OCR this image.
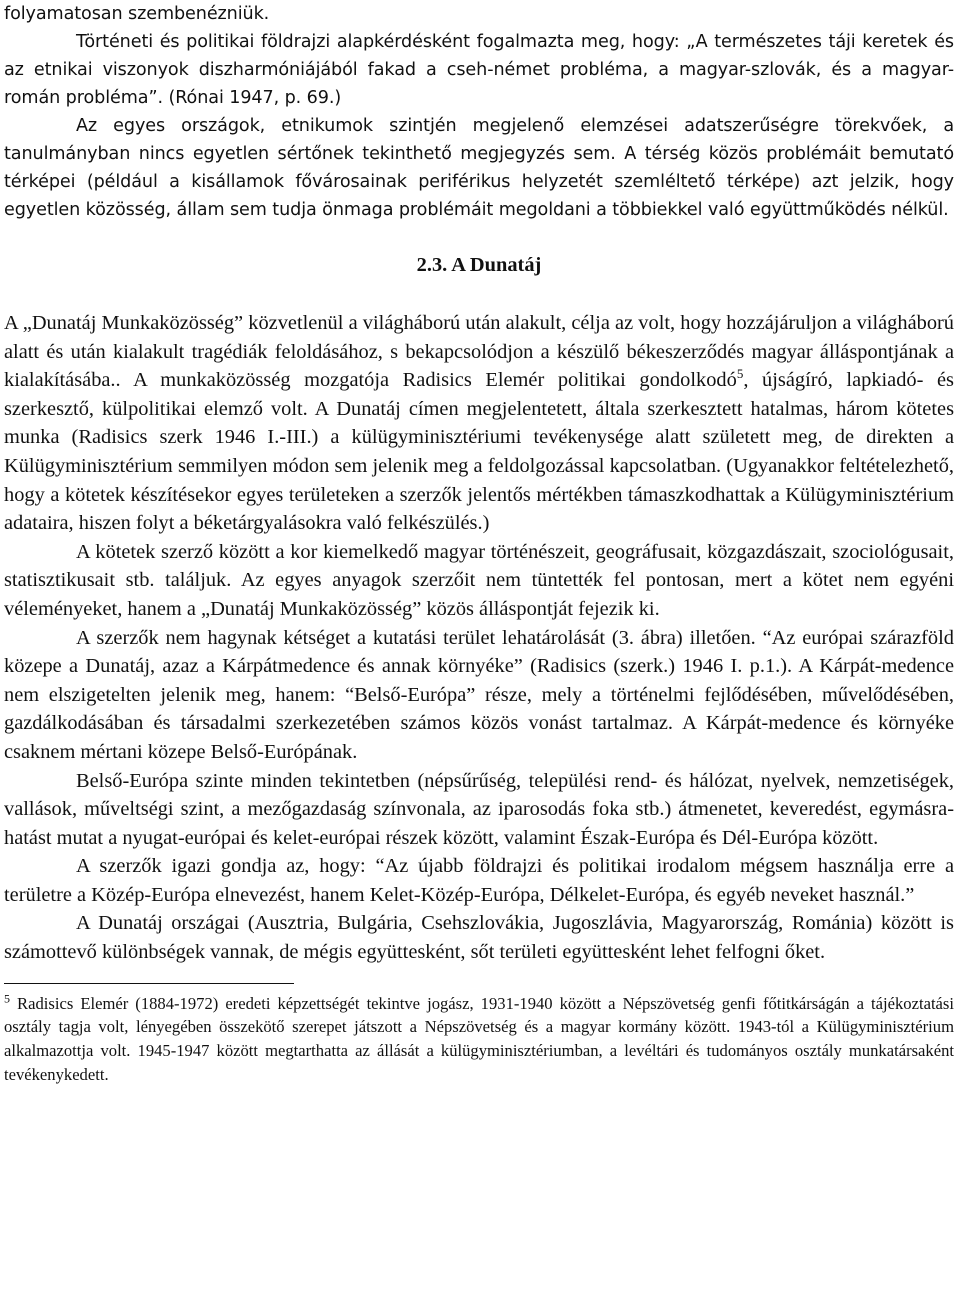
folyamatosan szembenézniük.

Történeti és politikai földrajzi alapkérdésként fogalmazta meg, hogy: „A természetes táji keretek és az etnikai viszonyok diszharmóniájából fakad a cseh-német probléma, a magyar-szlovák, és a magyar-román probléma”. (Rónai 1947, p. 69.)

Az egyes országok, etnikumok szintjén megjelenő elemzései adatszerűségre törekvőek, a tanulmányban nincs egyetlen sértőnek tekinthető megjegyzés sem. A térség közös problémáit bemutató térképei (például a kisállamok fővárosainak periférikus helyzetét szemléltető térképe) azt jelzik, hogy egyetlen közösség, állam sem tudja önmaga problémáit megoldani a többiekkel való együttműködés nélkül.

2.3. A Dunatáj

A „Dunatáj Munkaközösség” közvetlenül a világháború után alakult, célja az volt, hogy hozzájáruljon a világháború alatt és után kialakult tragédiák feloldásához, s bekapcsolódjon a készülő békeszerződés magyar álláspontjának a kialakításába.. A munkaközösség mozgatója Radisics Elemér politikai gondolkodó$^5$, újságíró, lapkiadó- és szerkesztő, külpolitikai elemző volt. A Dunatáj címen megjelentetett, általa szerkesztett hatalmas, három kötetes munka (Radisics szerk 1946 I.-III.) a külügyminisztériumi tevékenysége alatt született meg, de direkten a Külügyminisztérium semmilyen módon sem jelenik meg a feldolgozással kapcsolatban. (Ugyanakkor feltételezhető, hogy a kötetek készítésekor egyes területeken a szerzők jelentős mértékben támaszkodhattak a Külügyminisztérium adataira, hiszen folyt a béketárgyalásokra való felkészülés.)

A kötetek szerző között a kor kiemelkedő magyar történészeit, geográfusait, közgazdászait, szociológusait, statisztikusait stb. találjuk. Az egyes anyagok szerzőit nem tüntették fel pontosan, mert a kötet nem egyéni véleményeket, hanem a „Dunatáj Munkaközösség” közös álláspontját fejezik ki.

A szerzők nem hagynak kétséget a kutatási terület lehatárolását (3. ábra) illetően. “Az európai szárazföld közepe a Dunatáj, azaz a Kárpátmedence és annak környéke” (Radisics (szerk.) 1946 I. p.1.). A Kárpát-medence nem elszigetelten jelenik meg, hanem: “Belső-Európa” része, mely a történelmi fejlődésében, művelődésében, gazdálkodásában és társadalmi szerkezetében számos közös vonást tartalmaz. A Kárpát-medence és környéke csaknem mértani közepe Belső-Európának.

Belső-Európa szinte minden tekintetben (népsűrűség, települési rend- és hálózat, nyelvek, nemzetiségek, vallások, műveltségi szint, a mezőgazdaság színvonala, az iparosodás foka stb.) átmenetet, keveredést, egymásra-hatást mutat a nyugat-európai és kelet-európai részek között, valamint Észak-Európa és Dél-Európa között.

A szerzők igazi gondja az, hogy: “Az újabb földrajzi és politikai irodalom mégsem használja erre a területre a Közép-Európa elnevezést, hanem Kelet-Közép-Európa, Délkelet-Európa, és egyéb neveket használ.”

A Dunatáj országai (Ausztria, Bulgária, Csehszlovákia, Jugoszlávia, Magyarország, Románia) között is számottevő különbségek vannak, de mégis együttesként, sőt területi együttesként lehet felfogni őket.

$^5$ Radisics Elemér (1884-1972) eredeti képzettségét tekintve jogász, 1931-1940 között a Népszövetség genfi főtitkárságán a tájékoztatási osztály tagja volt, lényegében összekötő szerepet játszott a Népszövetség és a magyar kormány között. 1943-tól a Külügyminisztérium alkalmazottja volt. 1945-1947 között megtarthatta az állását a külügyminisztériumban, a levéltári és tudományos osztály munkatársaként tevékenykedett.
